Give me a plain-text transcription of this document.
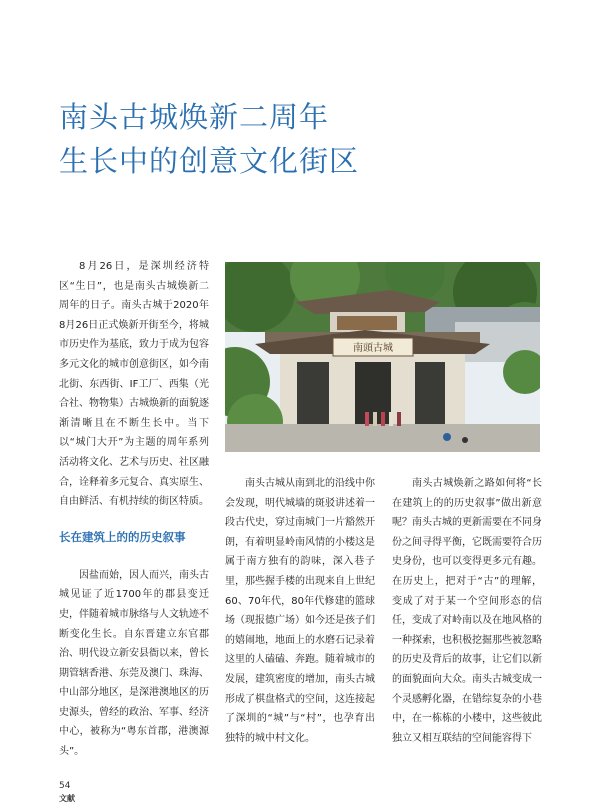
南头古城焕新二周年
生长中的创意文化街区

8月26日，是深圳经济特区“生日”，也是南头古城焕新二周年的日子。南头古城于2020年8月26日正式焕新开街至今，将城市历史作为基底，致力于成为包容多元文化的城市创意街区，如今南北街、东西街、IF工厂、西集（光合社、物物集）古城焕新的面貌逐渐清晰且在不断生长中。当下以“城门大开”为主题的周年系列活动将文化、艺术与历史、社区融合，诠释着多元复合、真实原生、自由鲜活、有机持续的街区特质。

长在建筑上的的历史叙事

因盐而始，因人而兴，南头古城见证了近1700年的郡县变迁史，伴随着城市脉络与人文轨迹不断变化生长。自东晋建立东官郡治、明代设立新安县衙以来，曾长期管辖香港、东莞及澳门、珠海、中山部分地区，是深港澳地区的历史源头，曾经的政治、军事、经济中心，被称为“粤东首郡，港澳源头”。

南頭古城

南头古城从南到北的沿线中你会发现，明代城墙的斑驳讲述着一段古代史，穿过南城门一片豁然开朗，有着明显岭南风情的小楼这是属于南方独有的韵味，深入巷子里，那些握手楼的出现来自上世纪60、70年代，80年代修建的篮球场（现报德广场）如今还是孩子们的嬉闹地，地面上的水磨石记录着这里的人磕磕、奔跑。随着城市的发展，建筑密度的增加，南头古城形成了棋盘格式的空间，这连接起了深圳的“城”与“村”，也孕育出独特的城中村文化。

南头古城焕新之路如何将“长在建筑上的的历史叙事”做出新意呢？南头古城的更新需要在不同身份之间寻得平衡，它既需要符合历史身份，也可以变得更多元有趣。在历史上，把对于“古”的理解，变成了对于某一个空间形态的信任，变成了对岭南以及在地风格的一种探索，也积极挖掘那些被忽略的历史及背后的故事，让它们以新的面貌面向大众。南头古城变成一个灵感孵化器，在错综复杂的小巷中，在一栋栋的小楼中，这些彼此独立又相互联结的空间能容得下

54
文献
